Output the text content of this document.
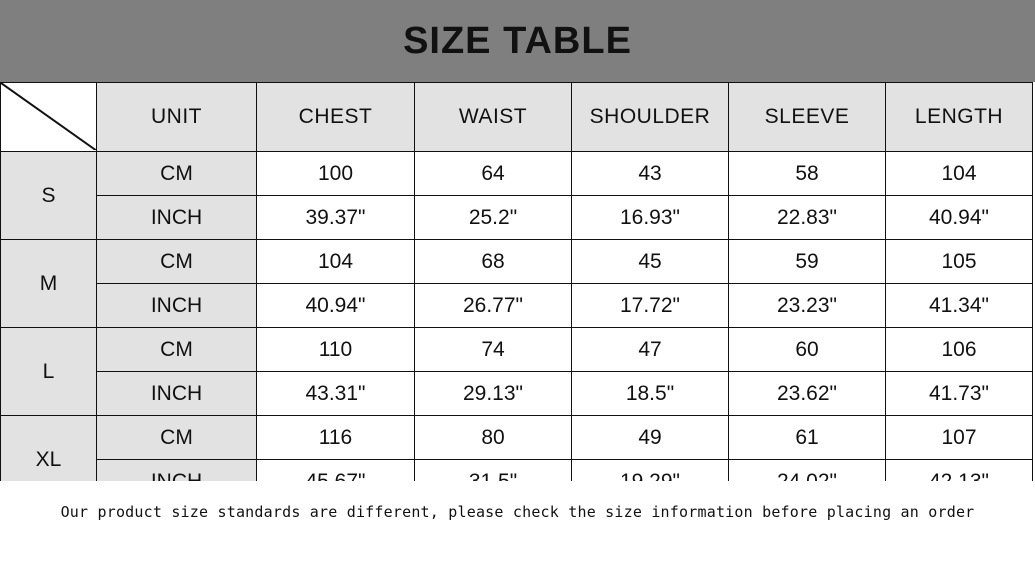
SIZE TABLE
	UNIT	CHEST	WAIST	SHOULDER	SLEEVE	LENGTH
S	CM	100	64	43	58	104
	INCH	39.37"	25.2"	16.93"	22.83"	40.94"
M	CM	104	68	45	59	105
	INCH	40.94"	26.77"	17.72"	23.23"	41.34"
L	CM	110	74	47	60	106
	INCH	43.31"	29.13"	18.5"	23.62"	41.73"
XL	CM	116	80	49	61	107

Our product size standards are different, please check the size information before placing an order
